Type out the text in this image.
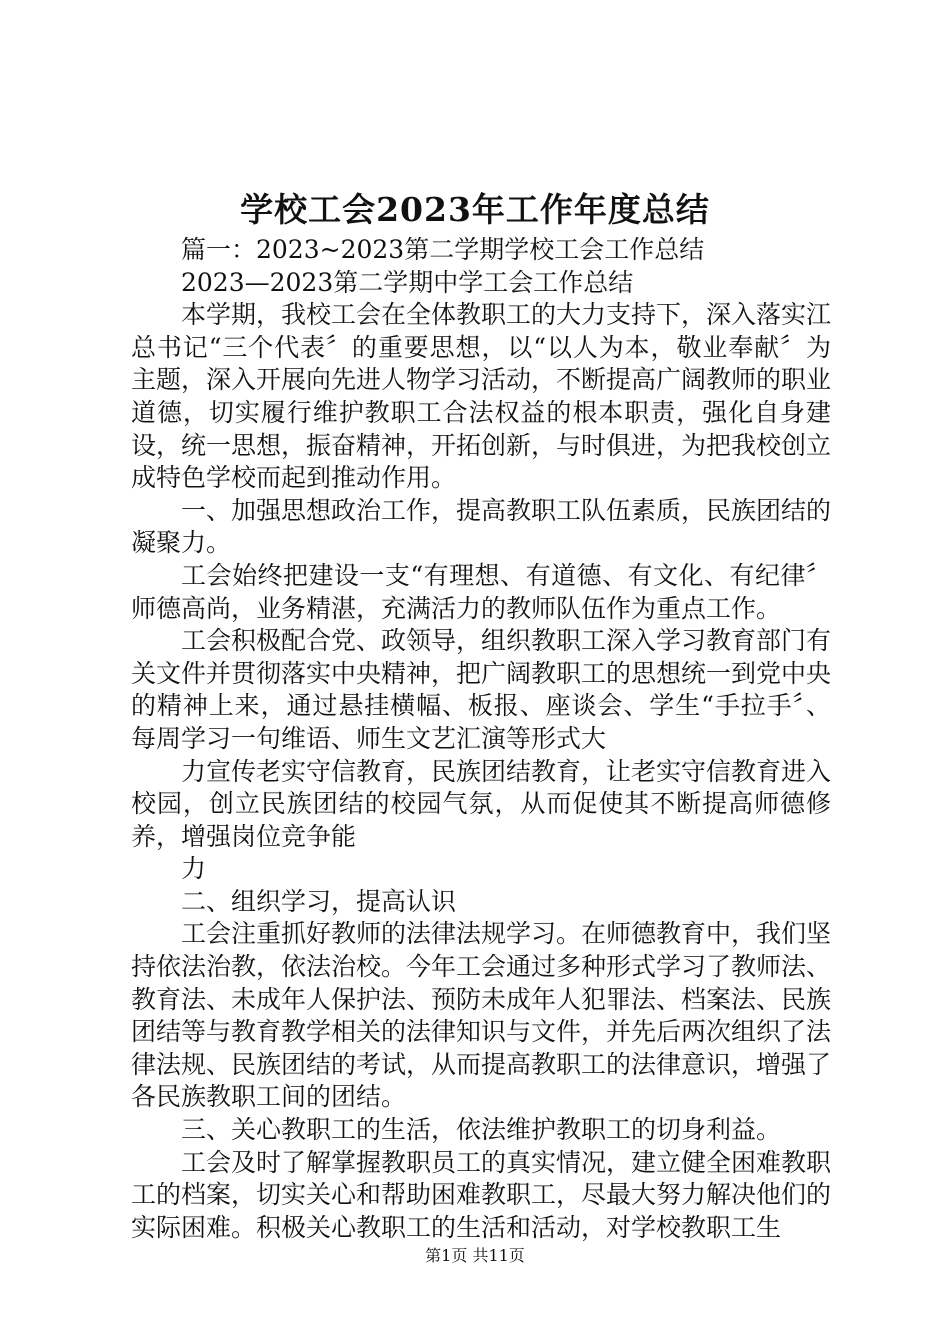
学校工会2023年工作年度总结

篇一：2023~2023第二学期学校工会工作总结

2023—2023第二学期中学工会工作总结

本学期，我校工会在全体教职工的大力支持下，深入落实江总书记“三个代表〞的重要思想，以“以人为本，敬业奉献〞为主题，深入开展向先进人物学习活动，不断提高广阔教师的职业道德，切实履行维护教职工合法权益的根本职责，强化自身建设，统一思想，振奋精神，开拓创新，与时俱进，为把我校创立成特色学校而起到推动作用。

一、加强思想政治工作，提高教职工队伍素质，民族团结的凝聚力。

工会始终把建设一支“有理想、有道德、有文化、有纪律〞师德高尚，业务精湛，充满活力的教师队伍作为重点工作。

工会积极配合党、政领导，组织教职工深入学习教育部门有关文件并贯彻落实中央精神，把广阔教职工的思想统一到党中央的精神上来，通过悬挂横幅、板报、座谈会、学生“手拉手〞、每周学习一句维语、师生文艺汇演等形式大

力宣传老实守信教育，民族团结教育，让老实守信教育进入校园，创立民族团结的校园气氛，从而促使其不断提高师德修养，增强岗位竞争能

力

二、组织学习，提高认识

工会注重抓好教师的法律法规学习。在师德教育中，我们坚持依法治教，依法治校。今年工会通过多种形式学习了教师法、教育法、未成年人保护法、预防未成年人犯罪法、档案法、民族团结等与教育教学相关的法律知识与文件，并先后两次组织了法律法规、民族团结的考试，从而提高教职工的法律意识，增强了各民族教职工间的团结。

三、关心教职工的生活，依法维护教职工的切身利益。

工会及时了解掌握教职员工的真实情况，建立健全困难教职工的档案，切实关心和帮助困难教职工，尽最大努力解决他们的实际困难。积极关心教职工的生活和活动，对学校教职工生

第1页 共11页
